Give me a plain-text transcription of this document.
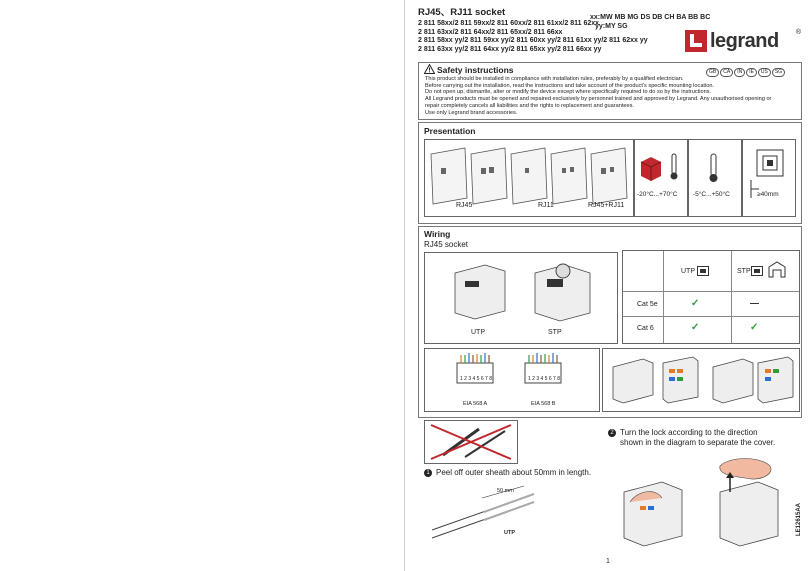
RJ45、RJ11 socket
2 811 58xx/2 811 59xx/2 811 60xx/2 811 61xx/2 811 62xx
2 811 63xx/2 811 64xx/2 811 65xx/2 811 66xx
2 811 58xx yy/2 811 59xx yy/2 811 60xx yy/2 811 61xx yy/2 811 62xx yy
2 811 63xx yy/2 811 64xx yy/2 811 65xx yy/2 811 66xx yy
xx:MW MB MG DS DB CH BA BB BC
yy:MY SG
legrand ®
Safety instructions	GB	CA	IN	IE	US	SG
This product should be installed in compliance with installation rules, preferably by a qualified electrician.
Before carrying out the installation, read the instructions and take account of the product's specific mounting location.
Do not open up, dismantle, alter or modify the device except where specifically required to do so by the instructions.
All Legrand products must be opened and repaired exclusively by personnel trained and approved by Legrand. Any unauthorised opening or
repair completely cancels all liabilities and the rights to replacement and guarantees.
Use only Legrand brand accessories.
Presentation
RJ45	RJ11	RJ45+RJ11
-20°C...+70°C -5°C...+50°C	≥40mm
Wiring
RJ45 socket
UTP	STP
UTP	STP
Cat 5e	✓	—
Cat 6	✓	✓
1 2 3 4 5 6 7 8	1 2 3 4 5 6 7 8
EIA 568 A	EIA 568 B
1 Peel off outer sheath about 50mm in length.
2 Turn the lock according to the direction
shown in the diagram to separate the cover.
50 mm
UTP
1
LE12615AA
